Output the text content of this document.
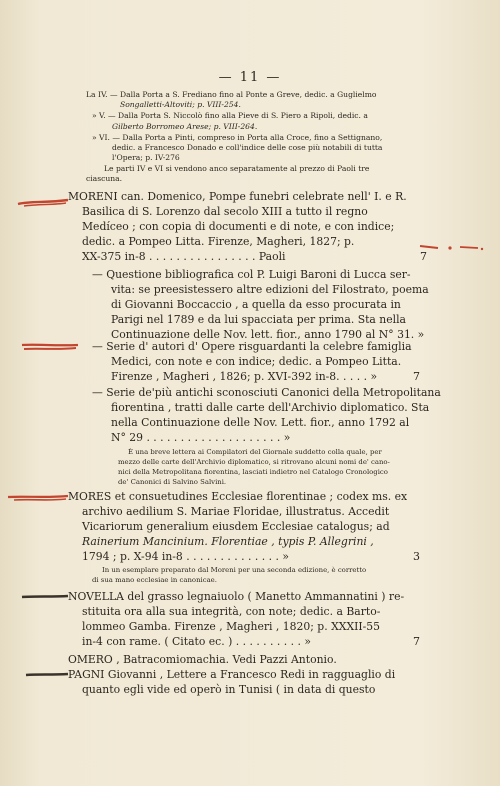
— 11 —
La IV. — Dalla Porta a S. Frediano fino al Ponte a Greve, dedic. a Guglielmo
Songalletti-Altoviti; p. VIII-254.
» V. — Dalla Porta S. Niccolò fino alla Pieve di S. Piero a Ripoli, dedic. a
Gilberto Borromeo Arese; p. VIII-264.
» VI. — Dalla Porta a Pinti, compreso in Porta alla Croce, fino a Settignano,
dedic. a Francesco Donado e coll'indice delle cose più notabili di tutta
l'Opera; p. IV-276
Le parti IV e VI si vendono anco separatamente al prezzo di Paoli tre
ciascuna.
MORENI can. Domenico, Pompe funebri celebrate nell' I. e R.
Basilica di S. Lorenzo dal secolo XIII a tutto il regno
Medíceo ; con copia di documenti e di note, e con indice;
dedic. a Pompeo Litta. Firenze, Magheri, 1827; p.
XX-375 in-8 . . . . . . . . . . . . . . . . Paoli	7
— Questione bibliografica col P. Luigi Baroni di Lucca ser-
vita: se preesistessero altre edizioni del Filostrato, poema
di Giovanni Boccaccio , a quella da esso procurata in
Parigi nel 1789 e da lui spacciata per prima. Sta nella
Continuazione delle Nov. lett. fior., anno 1790 al N° 31. »
— Serie d' autori d' Opere risguardanti la celebre famiglia
Medici, con note e con indice; dedic. a Pompeo Litta.
Firenze , Magheri , 1826; p. XVI-392 in-8. . . . . »	7
— Serie de'più antichi sconosciuti Canonici della Metropolitana
fiorentina , tratti dalle carte dell'Archivio diplomatico. Sta
nella Continuazione delle Nov. Lett. fior., anno 1792 al
N° 29 . . . . . . . . . . . . . . . . . . . . »
È una breve lettera ai Compilatori del Giornale suddetto colla quale, per
mezzo delle carte dell'Archivio diplomatico, si ritrovano alcuni nomi de' cano-
nici della Metropolitana fiorentina, lasciati indietro nel Catalogo Cronologico
de' Canonici di Salvino Salvini.
MORES et consuetudines Ecclesiae florentinae ; codex ms. ex
archivo aedilium S. Mariae Floridae, illustratus. Accedit
Vicariorum generalium eiusdem Ecclesiae catalogus; ad
Rainerium Mancinium. Florentiae , typis P. Allegrini ,
1794 ; p. X-94 in-8 . . . . . . . . . . . . . . »	3
In un esemplare preparato dal Moreni per una seconda edizione, è corretto
di sua mano ecclesiae in canonicae.
NOVELLA del grasso legnaiuolo ( Manetto Ammannatini ) re-
stituita ora alla sua integrità, con note; dedic. a Barto-
lommeo Gamba. Firenze , Magheri , 1820; p. XXXII-55
in-4 con rame. ( Citato ec. ) . . . . . . . . . . »	7
OMERO , Batracomiomachia. Vedi Pazzi Antonio.
PAGNI Giovanni , Lettere a Francesco Redi in ragguaglio di
quanto egli vide ed operò in Tunisi ( in data di questo
